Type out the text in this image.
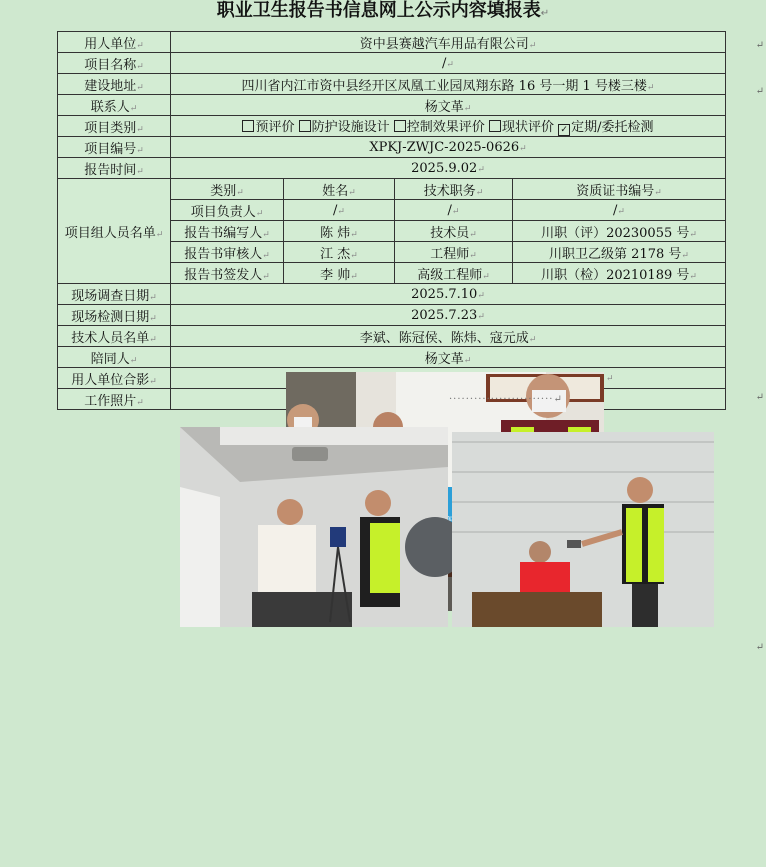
职业卫生报告书信息网上公示内容填报表↵
用人单位↵	资中县赛越汽车用品有限公司↵			
项目名称↵	/↵			
建设地址↵	四川省内江市资中县经开区凤凰工业园凤翔东路 16 号一期 1 号楼三楼↵			
联系人↵	杨文革↵			
项目类别↵	预评价 防护设施设计 控制效果评价 现状评价 ✓ 定期/委托检测			
项目编号↵	XPKJ-ZWJC-2025-0626↵			
报告时间↵	2025.9.02↵			
项目组人员名单↵	类别↵	姓名↵	技术职务↵	资质证书编号↵
	项目负责人↵	/↵	/↵	/↵
	报告书编写人↵	陈 炜↵	技术员↵	川职（评）20230055 号↵
	报告书审核人↵	江 杰↵	工程师↵	川职卫乙级第 2178 号↵
	报告书签发人↵	李 帅↵	高级工程师↵	川职（检）20210189 号↵
现场调查日期↵	2025.7.10↵			
现场检测日期↵	2025.7.23↵			
技术人员名单↵	李斌、陈冠侯、陈炜、寇元成↵			
陪同人↵	杨文革↵			
用人单位合影↵	↵			

工作照片↵	·························↵			
↵
↵
↵
↵
